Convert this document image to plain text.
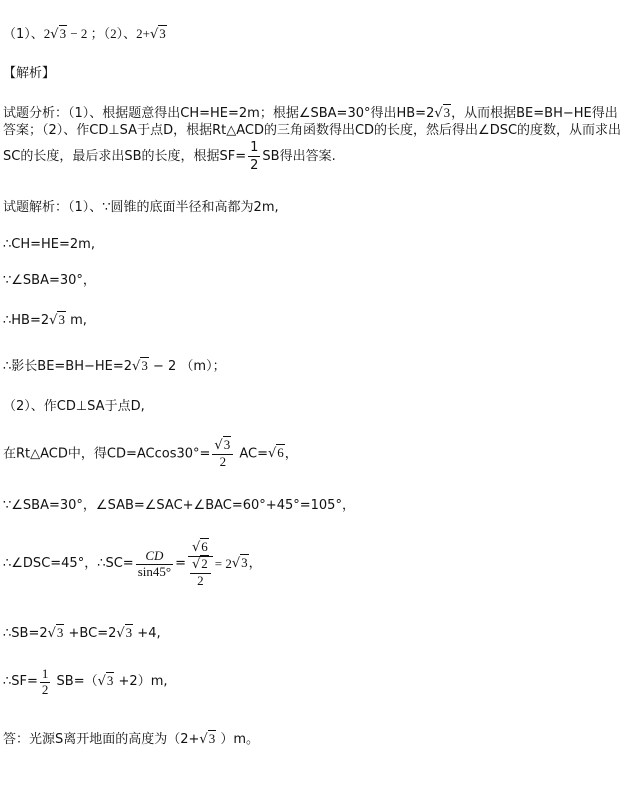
（1）、2√3 − 2 ；（2）、2+√3
【解析】
试题分析：（1）、根据题意得出CH=HE=2m；根据∠SBA=30°得出HB=2√3，从而根据BE=BH−HE得出答案；（2）、作CD⊥SA于点D，根据Rt△ACD的三角函数得出CD的长度，然后得出∠DSC的度数，从而求出SC的长度，最后求出SB的长度，根据$SF= \frac{1}{2}$ SB得出答案.
试题解析：（1）、∵圆锥的底面半径和高都为2m,
∴CH=HE=2m,
∵∠SBA=30°，
∴HB=2√3 m,
∴影长BE=BH−HE=2√3 − 2 （m）；
（2）、作CD⊥SA于点D,
在Rt△ACD中，得$CD=ACcos30^\circ= \frac{√3}{2} AC=√6$，
∵∠SBA=30°，∠SAB=∠SAC+∠BAC=60°+45°=105°，
∴∠DSC=45°，∴SC= $\frac{CD}{\sin 45^\circ} = \frac{√6}{\frac{√2}{2}} = 2√3$，
∴SB=2√3 +BC=2√3 +4,
∴SF= $\frac{1}{2} SB=(√3 +2)m$,
答：光源S离开地面的高度为（2+√3 ）m。
